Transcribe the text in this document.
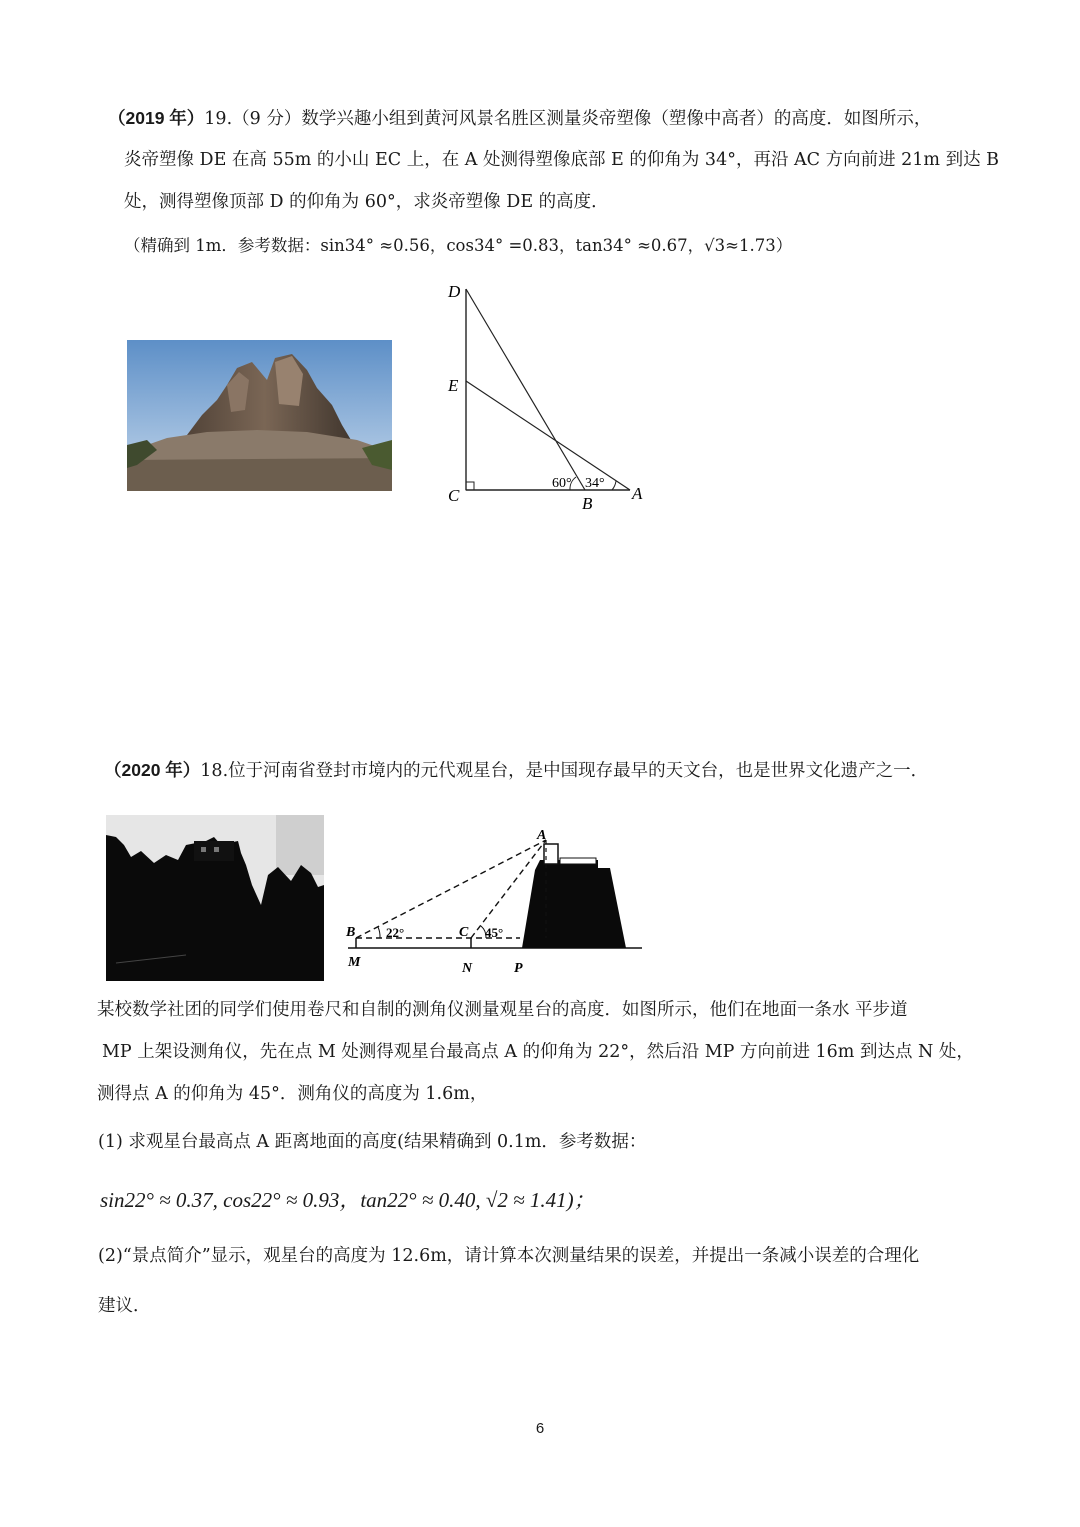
（2019 年）19.（9 分）数学兴趣小组到黄河风景名胜区测量炎帝塑像（塑像中高者）的高度．如图所示，
炎帝塑像 DE 在高 55m 的小山 EC 上，在 A 处测得塑像底部 E 的仰角为 34°，再沿 AC 方向前进 21m 到达 B
处，测得塑像顶部 D 的仰角为 60°，求炎帝塑像 DE 的高度．
（精确到 1m．参考数据：sin34° ≈0.56，cos34° =0.83，tan34° ≈0.67，√3≈1.73）
D
E
C	B
A
60° 34°
（2020 年）18.位于河南省登封市境内的元代观星台，是中国现存最早的天文台，也是世界文化遗产之一．
A
B	C
M	N	P
22°	45°
某校数学社团的同学们使用卷尺和自制的测角仪测量观星台的高度．如图所示，他们在地面一条水 平步道
MP 上架设测角仪，先在点 M 处测得观星台最高点 A 的仰角为 22°，然后沿 MP 方向前进 16m 到达点 N 处，
测得点 A 的仰角为 45°．测角仪的高度为 1.6m，
(1) 求观星台最高点 A 距离地面的高度(结果精确到 0.1m．参考数据：
sin22° ≈ 0.37, cos22° ≈ 0.93，tan22° ≈ 0.40, √2 ≈ 1.41)；
(2)“景点简介”显示，观星台的高度为 12.6m，请计算本次测量结果的误差，并提出一条减小误差的合理化
建议．
6
